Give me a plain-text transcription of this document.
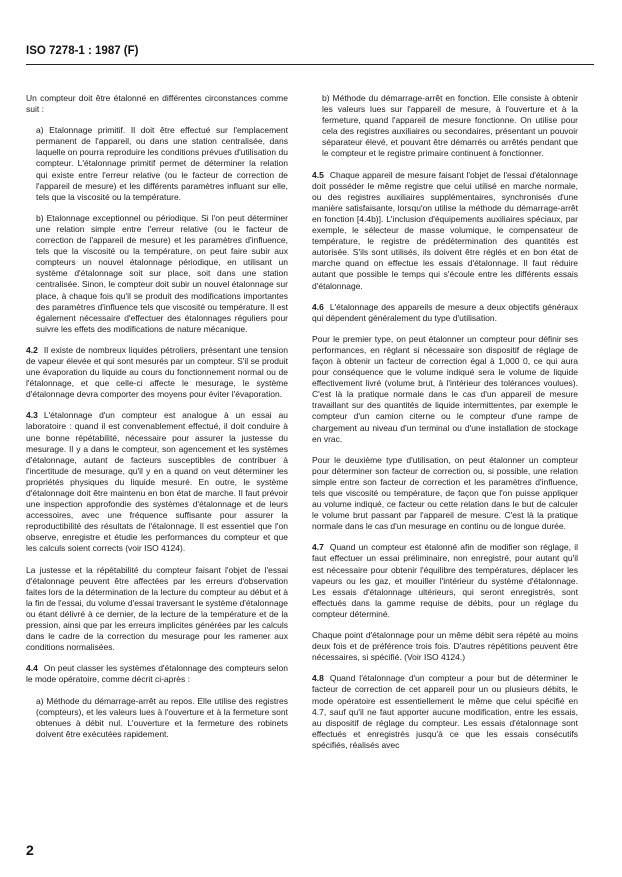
ISO 7278-1 : 1987 (F)

Un compteur doit être étalonné en différentes circonstances comme suit :

a) Etalonnage primitif. Il doit être effectué sur l'emplacement permanent de l'appareil, ou dans une station centralisée, dans laquelle on pourra reproduire les conditions prévues d'utilisation du compteur. L'étalonnage primitif permet de déterminer la relation qui existe entre l'erreur relative (ou le facteur de correction de l'appareil de mesure) et les différents paramètres influant sur elle, tels que la viscosité ou la température.

b) Etalonnage exceptionnel ou périodique. Si l'on peut déterminer une relation simple entre l'erreur relative (ou le facteur de correction de l'appareil de mesure) et les paramètres d'influence, tels que la viscosité ou la température, on peut faire subir aux compteurs un nouvel étalonnage périodique, en utilisant un système d'étalonnage soit sur place, soit dans une station centralisée. Sinon, le compteur doit subir un nouvel étalonnage sur place, à chaque fois qu'il se produit des modifications importantes des paramètres d'influence tels que viscosité ou température. Il est également nécessaire d'effectuer des étalonnages réguliers pour suivre les effets des modifications de nature mécanique.

4.2 Il existe de nombreux liquides pétroliers, présentant une tension de vapeur élevée et qui sont mesurés par un compteur. S'il se produit une évaporation du liquide au cours du fonctionnement normal ou de l'étalonnage, et que celle-ci affecte le mesurage, le système d'étalonnage devra comporter des moyens pour éviter l'évaporation.

4.3 L'étalonnage d'un compteur est analogue à un essai au laboratoire : quand il est convenablement effectué, il doit conduire à une bonne répétabilité, nécessaire pour assurer la justesse du mesurage. Il y a dans le compteur, son agencement et les systèmes d'étalonnage, autant de facteurs susceptibles de contribuer à l'incertitude de mesurage, qu'il y en a quand on veut déterminer les propriétés physiques du liquide mesuré. En outre, le système d'étalonnage doit être maintenu en bon état de marche. Il faut prévoir une inspection approfondie des systèmes d'étalonnage et de leurs accessoires, avec une fréquence suffisante pour assurer la reproductibilité des résultats de l'étalonnage. Il est essentiel que l'on observe, enregistre et étudie les performances du compteur et que les calculs soient corrects (voir ISO 4124).

La justesse et la répétabilité du compteur faisant l'objet de l'essai d'étalonnage peuvent être affectées par les erreurs d'observation faites lors de la détermination de la lecture du compteur au début et à la fin de l'essai, du volume d'essai traversant le système d'étalonnage ou étant délivré à ce dernier, de la lecture de la température et de la pression, ainsi que par les erreurs implicites générées par les calculs dans le cadre de la correction du mesurage pour les ramener aux conditions normalisées.

4.4 On peut classer les systèmes d'étalonnage des compteurs selon le mode opératoire, comme décrit ci-après :

a) Méthode du démarrage-arrêt au repos. Elle utilise des registres (compteurs), et les valeurs lues à l'ouverture et à la fermeture sont obtenues à débit nul. L'ouverture et la fermeture des robinets doivent être exécutées rapidement.

b) Méthode du démarrage-arrêt en fonction. Elle consiste à obtenir les valeurs lues sur l'appareil de mesure, à l'ouverture et à la fermeture, quand l'appareil de mesure fonctionne. On utilise pour cela des registres auxiliaires ou secondaires, présentant un pouvoir séparateur élevé, et pouvant être démarrés ou arrêtés pendant que le compteur et le registre primaire continuent à fonctionner.

4.5 Chaque appareil de mesure faisant l'objet de l'essai d'étalonnage doit posséder le même registre que celui utilisé en marche normale, ou des registres auxiliaires supplémentaires, synchronisés d'une manière satisfaisante, lorsqu'on utilise la méthode du démarrage-arrêt en fonction [4.4b)]. L'inclusion d'équipements auxiliaires spéciaux, par exemple, le sélecteur de masse volumique, le compensateur de température, le registre de prédétermination des quantités est autorisée. S'ils sont utilisés, ils doivent être réglés et en bon état de marche quand on effectue les essais d'étalonnage. Il faut réduire autant que possible le temps qui s'écoule entre les différents essais d'étalonnage.

4.6 L'étalonnage des appareils de mesure a deux objectifs généraux qui dépendent généralement du type d'utilisation.

Pour le premier type, on peut étalonner un compteur pour définir ses performances, en réglant si nécessaire son dispositif de réglage de façon à obtenir un facteur de correction égal à 1,000 0, ce qui aura pour conséquence que le volume indiqué sera le volume de liquide effectivement livré (volume brut, à l'intérieur des tolérances voulues). C'est là la pratique normale dans le cas d'un appareil de mesure travaillant sur des quantités de liquide intermittentes, par exemple le compteur d'un camion citerne ou le compteur d'une rampe de chargement au niveau d'un terminal ou d'une installation de stockage en vrac.

Pour le deuxième type d'utilisation, on peut étalonner un compteur pour déterminer son facteur de correction ou, si possible, une relation simple entre son facteur de correction et les paramètres d'influence, tels que viscosité ou température, de façon que l'on puisse appliquer au volume indiqué, ce facteur ou cette relation dans le but de calculer le volume brut passant par l'appareil de mesure. C'est là la pratique normale dans le cas d'un mesurage en continu ou de longue durée.

4.7 Quand un compteur est étalonné afin de modifier son réglage, il faut effectuer un essai préliminaire, non enregistré, pour autant qu'il est nécessaire pour obtenir l'équilibre des températures, déplacer les vapeurs ou les gaz, et mouiller l'intérieur du système d'étalonnage. Les essais d'étalonnage ultérieurs, qui seront enregistrés, sont effectués dans la gamme requise de débits, pour un réglage du compteur déterminé.

Chaque point d'étalonnage pour un même débit sera répété au moins deux fois et de préférence trois fois. D'autres répétitions peuvent être nécessaires, si spécifié. (Voir ISO 4124.)

4.8 Quand l'étalonnage d'un compteur a pour but de déterminer le facteur de correction de cet appareil pour un ou plusieurs débits, le mode opératoire est essentiellement le même que celui spécifié en 4.7, sauf qu'il ne faut apporter aucune modification, entre les essais, au dispositif de réglage du compteur. Les essais d'étalonnage sont effectués et enregistrés jusqu'à ce que les essais consécutifs spécifiés, réalisés avec

2
